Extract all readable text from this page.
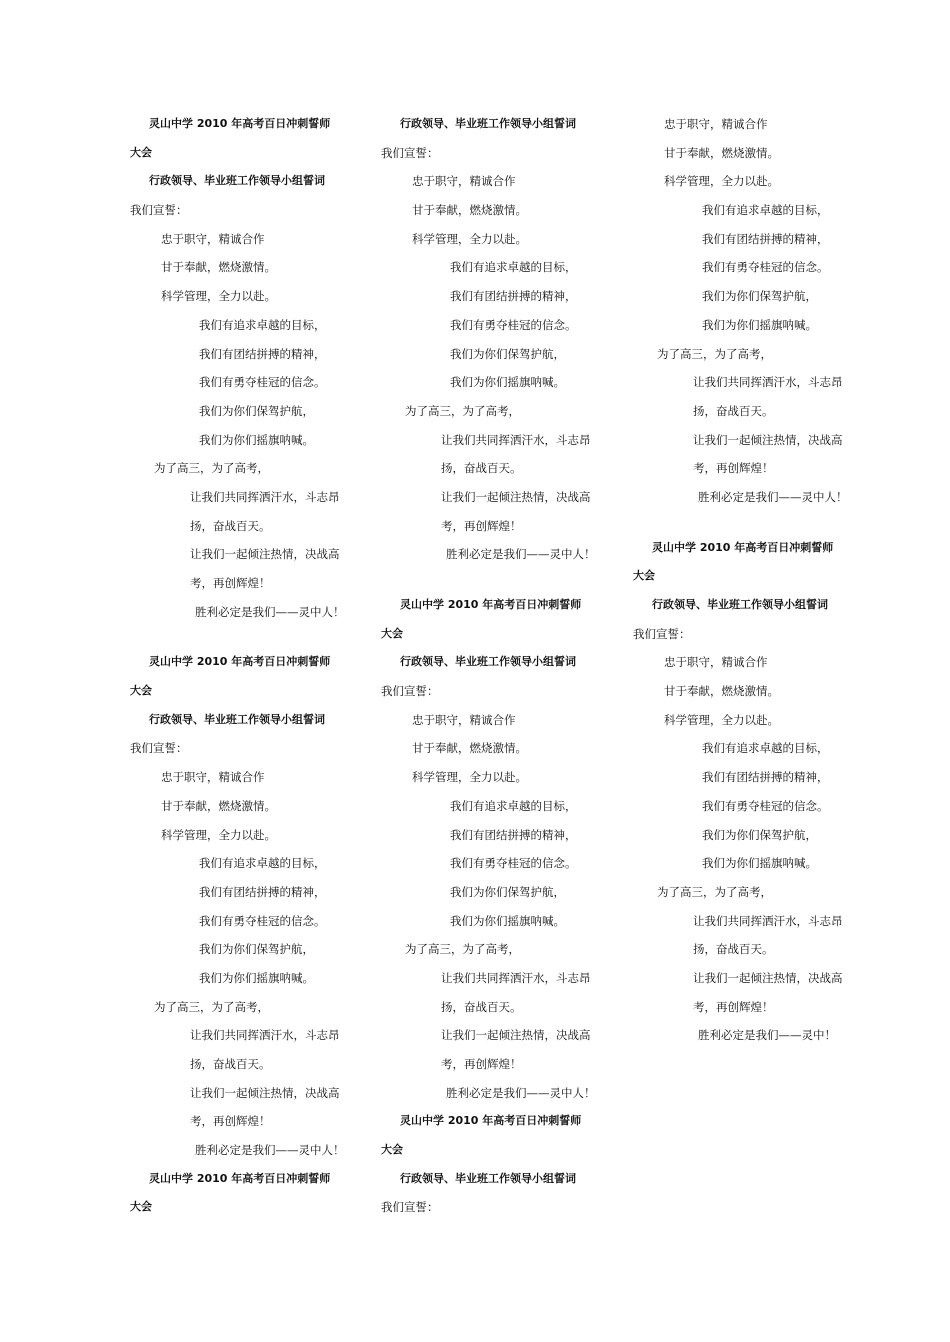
灵山中学 2010 年高考百日冲刺誓师
大会
行政领导、毕业班工作领导小组誓词
我们宣誓：
忠于职守，精诚合作
甘于奉献，燃烧激情。
科学管理，全力以赴。
我们有追求卓越的目标，
我们有团结拼搏的精神，
我们有勇夺桂冠的信念。
我们为你们保驾护航，
我们为你们摇旗呐喊。
为了高三，为了高考，
让我们共同挥洒汗水，斗志昂
扬，奋战百天。
让我们一起倾注热情，决战高
考，再创辉煌！
胜利必定是我们——灵中人！
灵山中学 2010 年高考百日冲刺誓师
大会
行政领导、毕业班工作领导小组誓词
我们宣誓：
忠于职守，精诚合作
甘于奉献，燃烧激情。
科学管理，全力以赴。
我们有追求卓越的目标，
我们有团结拼搏的精神，
我们有勇夺桂冠的信念。
我们为你们保驾护航，
我们为你们摇旗呐喊。
为了高三，为了高考，
让我们共同挥洒汗水，斗志昂
扬，奋战百天。
让我们一起倾注热情，决战高
考，再创辉煌！
胜利必定是我们——灵中人！
灵山中学 2010 年高考百日冲刺誓师
大会
行政领导、毕业班工作领导小组誓词
我们宣誓：
忠于职守，精诚合作
甘于奉献，燃烧激情。
科学管理，全力以赴。
我们有追求卓越的目标，
我们有团结拼搏的精神，
我们有勇夺桂冠的信念。
我们为你们保驾护航，
我们为你们摇旗呐喊。
为了高三，为了高考，
让我们共同挥洒汗水，斗志昂
扬，奋战百天。
让我们一起倾注热情，决战高
考，再创辉煌！
胜利必定是我们——灵中人！
灵山中学 2010 年高考百日冲刺誓师
大会
行政领导、毕业班工作领导小组誓词
我们宣誓：
忠于职守，精诚合作
甘于奉献，燃烧激情。
科学管理，全力以赴。
我们有追求卓越的目标，
我们有团结拼搏的精神，
我们有勇夺桂冠的信念。
我们为你们保驾护航，
我们为你们摇旗呐喊。
为了高三，为了高考，
让我们共同挥洒汗水，斗志昂
扬，奋战百天。
让我们一起倾注热情，决战高
考，再创辉煌！
胜利必定是我们——灵中人！
灵山中学 2010 年高考百日冲刺誓师
大会
行政领导、毕业班工作领导小组誓词
我们宣誓：
忠于职守，精诚合作
甘于奉献，燃烧激情。
科学管理，全力以赴。
我们有追求卓越的目标，
我们有团结拼搏的精神，
我们有勇夺桂冠的信念。
我们为你们保驾护航，
我们为你们摇旗呐喊。
为了高三，为了高考，
让我们共同挥洒汗水，斗志昂
扬，奋战百天。
让我们一起倾注热情，决战高
考，再创辉煌！
胜利必定是我们——灵中人！
灵山中学 2010 年高考百日冲刺誓师
大会
行政领导、毕业班工作领导小组誓词
我们宣誓：
忠于职守，精诚合作
甘于奉献，燃烧激情。
科学管理，全力以赴。
我们有追求卓越的目标，
我们有团结拼搏的精神，
我们有勇夺桂冠的信念。
我们为你们保驾护航，
我们为你们摇旗呐喊。
为了高三，为了高考，
让我们共同挥洒汗水，斗志昂
扬，奋战百天。
让我们一起倾注热情，决战高
考，再创辉煌！
胜利必定是我们——灵中！
